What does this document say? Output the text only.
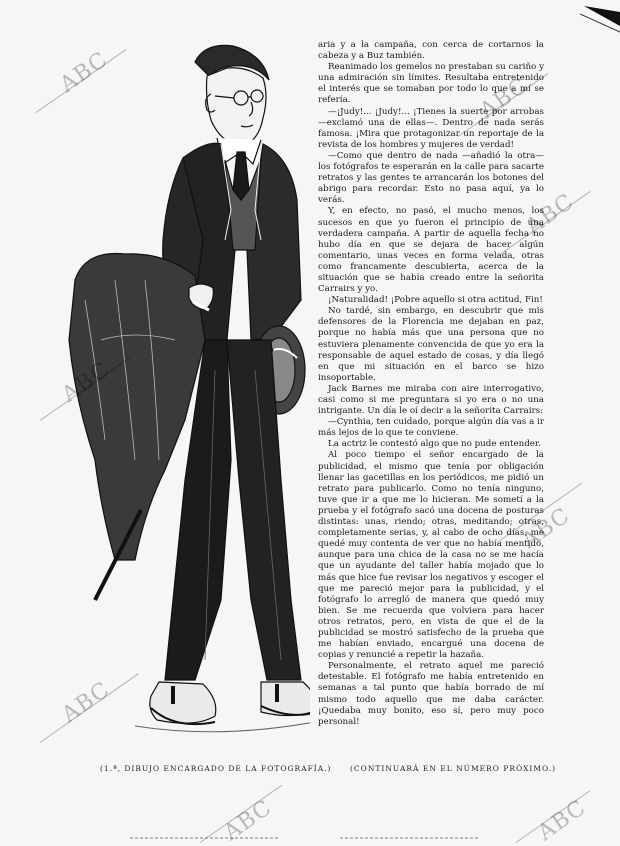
aria y a la campaña, con cerca de cortarnos la cabeza y a Buz también.

Reanimado los gemelos no prestaban su cariño y una admiración sin límites. Resultaba entretenido el interés que se tomaban por todo lo que a mí se refería.

—¡Judy!... ¡Judy!... ¡Tienes la suerte por arrobas —exclamó una de ellas—. Dentro de nada serás famosa. ¡Mira que protagonizar un reportaje de la revista de los hombres y mujeres de verdad!

—Como que dentro de nada —añadió la otra— los fotógrafos te esperarán en la calle para sacarte retratos y las gentes te arrancarán los botones del abrigo para recordar. Esto no pasa aquí, ya lo verás.

Y, en efecto, no pasó, el mucho menos, los sucesos en que yo fueron el principio de una verdadera campaña. A partir de aquella fecha no hubo día en que se dejara de hacer algún comentario, unas veces en forma velada, otras como francamente descubierta, acerca de la situación que se había creado entre la señorita Carrairs y yo.

¡Naturalidad! ¡Pobre aquello si otra actitud, Fin!

No tardé, sin embargo, en descubrir que mis defensores de la Florencia me dejaban en paz, porque no había más que una persona que no estuviera plenamente convencida de que yo era la responsable de aquel estado de cosas, y día llegó en que mi situación en el barco se hizo insoportable.

Jack Barnes me miraba con aire interrogativo, casi como si me preguntara si yo era o no una intrigante. Un día le oí decir a la señorita Carrairs:

—Cynthia, ten cuidado, porque algún día vas a ir más lejos de lo que te conviene.

La actriz le contestó algo que no pude entender.

Al poco tiempo el señor encargado de la publicidad, el mismo que tenía por obligación llenar las gacetillas en los periódicos, me pidió un retrato para publicarlo. Como no tenía ninguno, tuve que ir a que me lo hicieran. Me sometí a la prueba y el fotógrafo sacó una docena de posturas distintas: unas, riendo; otras, meditando; otras, completamente serias, y, al cabo de ocho días, me quedé muy contenta de ver que no había mentido, aunque para una chica de la casa no se me hacía que un ayudante del taller había mojado que lo más que hice fue revisar los negativos y escoger el que me pareció mejor para la publicidad, y el fotógrafo lo arregló de manera que quedó muy bien. Se me recuerda que volviera para hacer otros retratos, pero, en vista de que el de la publicidad se mostró satisfecho de la prueba que me habían enviado, encargué una docena de copias y renuncié a repetir la hazaña.

Personalmente, el retrato aquel me pareció detestable. El fotógrafo me había entretenido en semanas a tal punto que había borrado de mí mismo todo aquello que me daba carácter. ¡Quedaba muy bonito, eso sí, pero muy poco personal!

(1.ª, DIBUJO ENCARGADO DE LA FOTOGRAFÍA.) (CONTINUARÁ EN EL NÚMERO PRÓXIMO.)
ABC
ABC
ABC
ABC
ABC
ABC
ABC	ABC
